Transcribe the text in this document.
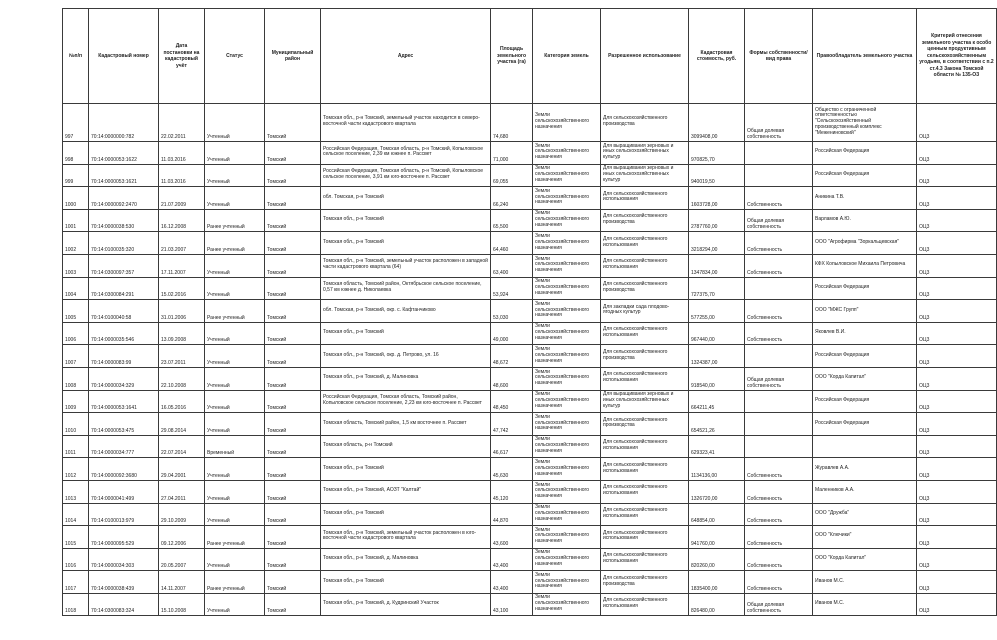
№п/п	Кадастровый номер	Дата постановки на кадастровый учёт	Статус	Муниципальный район	Адрес	Площадь земельного участка (га)	Категория земель	Разрешенное использование	Кадастровая стоимость, руб.	Формы собственности/вид права	Правообладатель земельного участка	Критерий отнесения земельного участка к особо ценным продуктивным сельскохозяйственным угодьям, в соответствии с п.2 ст.4.3 Закона Томской области № 135-ОЗ
997	70:14:0000000:782	22.02.2011	Учтенный	Томский	Томская обл., р-н Томский, земельный участок находится в северо-восточной части кадастрового квартала	74,680	Земли сельскохозяйственного назначения	Для сельскохозяйственного производства	3099408,00	Общая долевая собственность	Общество с ограниченной ответственностью "Сельскохозяйственный производственный комплекс "Межениновский"	ОЦ3
998	70:14:0000053:1622	11.03.2016	Учтенный	Томский	Российская Федерация, Томская область, р-н Томский, Копыловское сельское поселение, 2,39 км южнее п. Рассвет	71,000	Земли сельскохозяйственного назначения	Для выращивания зерновых и иных сельскохозяйственных культур	970825,70		Российская Федерация	ОЦ3
999	70:14:0000053:1621	11.03.2016	Учтенный	Томский	Российская Федерация, Томская область, р-н Томский, Копыловское сельское поселение, 3,91 км юго-восточнее п. Рассвет	69,055	Земли сельскохозяйственного назначения	Для выращивания зерновых и иных сельскохозяйственных культур	940019,50		Российская Федерация	ОЦ3
1000	70:14:0000092:2470	21.07.2009	Учтенный	Томский	обл. Томская, р-н Томский	66,240	Земли сельскохозяйственного назначения	Для сельскохозяйственного использования	1603728,00	Собственность	Аникина Т.В.	ОЦ3
1001	70:14:0000038:530	16.12.2008	Ранее учтенный	Томский	Томская обл., р-н Томский	65,500	Земли сельскохозяйственного назначения	Для сельскохозяйственного производства	2787760,00	Общая долевая собственность	Варламов А.Ю.	ОЦ3
1002	70:14:0100035:320	21.03.2007	Ранее учтенный	Томский	Томская обл., р-н Томский	64,460	Земли сельскохозяйственного назначения	Для сельскохозяйственного использования	3218294,00	Собственность	ООО "Агрофирма "Зоркальцевская"	ОЦ3
1003	70:14:0300097:357	17.11.2007	Учтенный	Томский	Томская обл., р-н Томский, земельный участок расположен в западной части кадастрового квартала (64)	63,400	Земли сельскохозяйственного назначения	Для сельскохозяйственного использования	1347834,00	Собственность	КФХ Копыловское Михаила Петровича	ОЦ3
1004	70:14:0300084:291	15.02.2016	Учтенный	Томский	Томская область, Томский район, Октябрьское сельское поселение, 0,57 км южнее д. Николаевка	53,924	Земли сельскохозяйственного назначения	Для сельскохозяйственного производства	727375,70		Российская Федерация	ОЦ3
1005	70:14:0100040:58	31.01.2006	Ранее учтенный	Томский	обл. Томская, р-н Томский, окр. с. Кафтанчиково	53,030	Земли сельскохозяйственного назначения	Для закладки сада плодово-ягодных культур	577255,00	Собственность	ООО "МЖС Групп"	ОЦ3
1006	70:14:0000035:546	13.09.2008	Учтенный	Томский	Томская обл., р-н Томский	49,000	Земли сельскохозяйственного назначения	Для сельскохозяйственного использования	967440,00	Собственность	Яковлев В.И.	ОЦ3
1007	70:14:0000083:99	23.07.2011	Учтенный	Томский	Томская обл., р-н Томский, окр. д. Петрово, ул. 16	48,672	Земли сельскохозяйственного назначения	Для сельскохозяйственного производства	1324387,00		Российская Федерация	ОЦ3
1008	70:14:0000034:329	22.10.2008	Учтенный	Томский	Томская обл., р-н Томский, д. Малиновка	48,600	Земли сельскохозяйственного назначения	Для сельскохозяйственного использования	918540,00	Общая долевая собственность	ООО "Корда Капитал"	ОЦ3
1009	70:14:0000053:1641	16.05.2016	Учтенный	Томский	Российская Федерация, Томская область, Томский район, Копыловское сельское поселение, 2,23 км юго-восточнее п. Рассвет	48,450	Земли сельскохозяйственного назначения	Для выращивания зерновых и иных сельскохозяйственных культур	664211,45		Российская Федерация	ОЦ3
1010	70:14:0000053:475	29.08.2014	Учтенный	Томский	Томская область, Томский район, 1,5 км восточнее п. Рассвет	47,742	Земли сельскохозяйственного назначения	Для сельскохозяйственного производства	654521,26		Российская Федерация	ОЦ3
1011	70:14:0000034:777	22.07.2014	Временный	Томский	Томская область, р-н Томский	46,617	Земли сельскохозяйственного назначения	Для сельскохозяйственного использования	629323,41			ОЦ3
1012	70:14:0000092:3680	29.04.2001	Учтенный	Томский	Томская обл., р-н Томский	45,630	Земли сельскохозяйственного назначения	Для сельскохозяйственного использования	1134136,00	Собственность	Журавлев А.А.	ОЦ3
1013	70:14:0000041:499	27.04.2011	Учтенный	Томский	Томская обл., р-н Томский, АОЗТ "Калтай"	45,120	Земли сельскохозяйственного назначения	Для сельскохозяйственного использования	1326720,00	Собственность	Маленников А.А.	ОЦ3
1014	70:14:0100013:979	29.10.2009	Учтенный	Томский	Томская обл., р-н Томский	44,870	Земли сельскохозяйственного назначения	Для сельскохозяйственного использования	648854,00	Собственность	ООО "Дружба"	ОЦ3
1015	70:14:0000095:529	09.12.2006	Ранее учтенный	Томский	Томская обл., р-н Томский, земельный участок расположен в юго-восточной части кадастрового квартала	43,600	Земли сельскохозяйственного назначения	Для сельскохозяйственного использования	941760,00	Собственность	ООО "Ключики"	ОЦ3
1016	70:14:0000034:303	20.05.2007	Учтенный	Томский	Томская обл., р-н Томский, д. Малиновка	43,400	Земли сельскохозяйственного назначения	Для сельскохозяйственного использования	820260,00	Собственность	ООО "Корда Капитал"	ОЦ3
1017	70:14:0000038:439	14.11.2007	Ранее учтенный	Томский	Томская обл., р-н Томский	43,400	Земли сельскохозяйственного назначения	Для сельскохозяйственного производства	1835400,00	Собственность	Иванов М.С.	ОЦ3
1018	70:14:0300083:324	15.10.2008	Учтенный	Томский	Томская обл., р-н Томский, д. Кудринский Участок	43,100	Земли сельскохозяйственного назначения	Для сельскохозяйственного использования	826480,00	Общая долевая собственность	Иванов М.С.	ОЦ3
